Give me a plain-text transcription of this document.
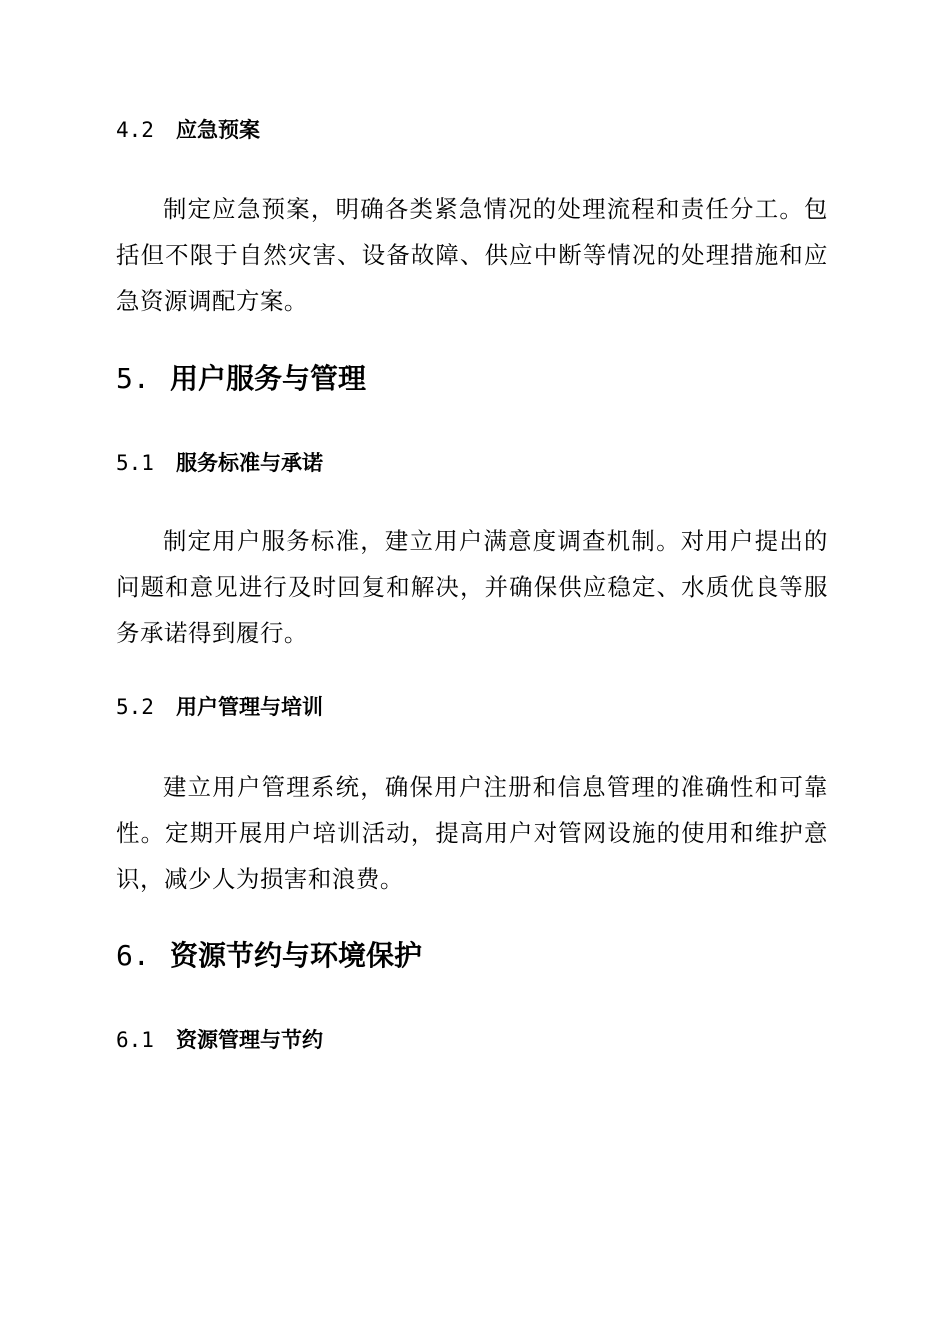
4.2 应急预案
制定应急预案，明确各类紧急情况的处理流程和责任分工。包括但不限于自然灾害、设备故障、供应中断等情况的处理措施和应急资源调配方案。
5. 用户服务与管理
5.1 服务标准与承诺
制定用户服务标准，建立用户满意度调查机制。对用户提出的问题和意见进行及时回复和解决，并确保供应稳定、水质优良等服务承诺得到履行。
5.2 用户管理与培训
建立用户管理系统，确保用户注册和信息管理的准确性和可靠性。定期开展用户培训活动，提高用户对管网设施的使用和维护意识，减少人为损害和浪费。
6. 资源节约与环境保护
6.1 资源管理与节约
